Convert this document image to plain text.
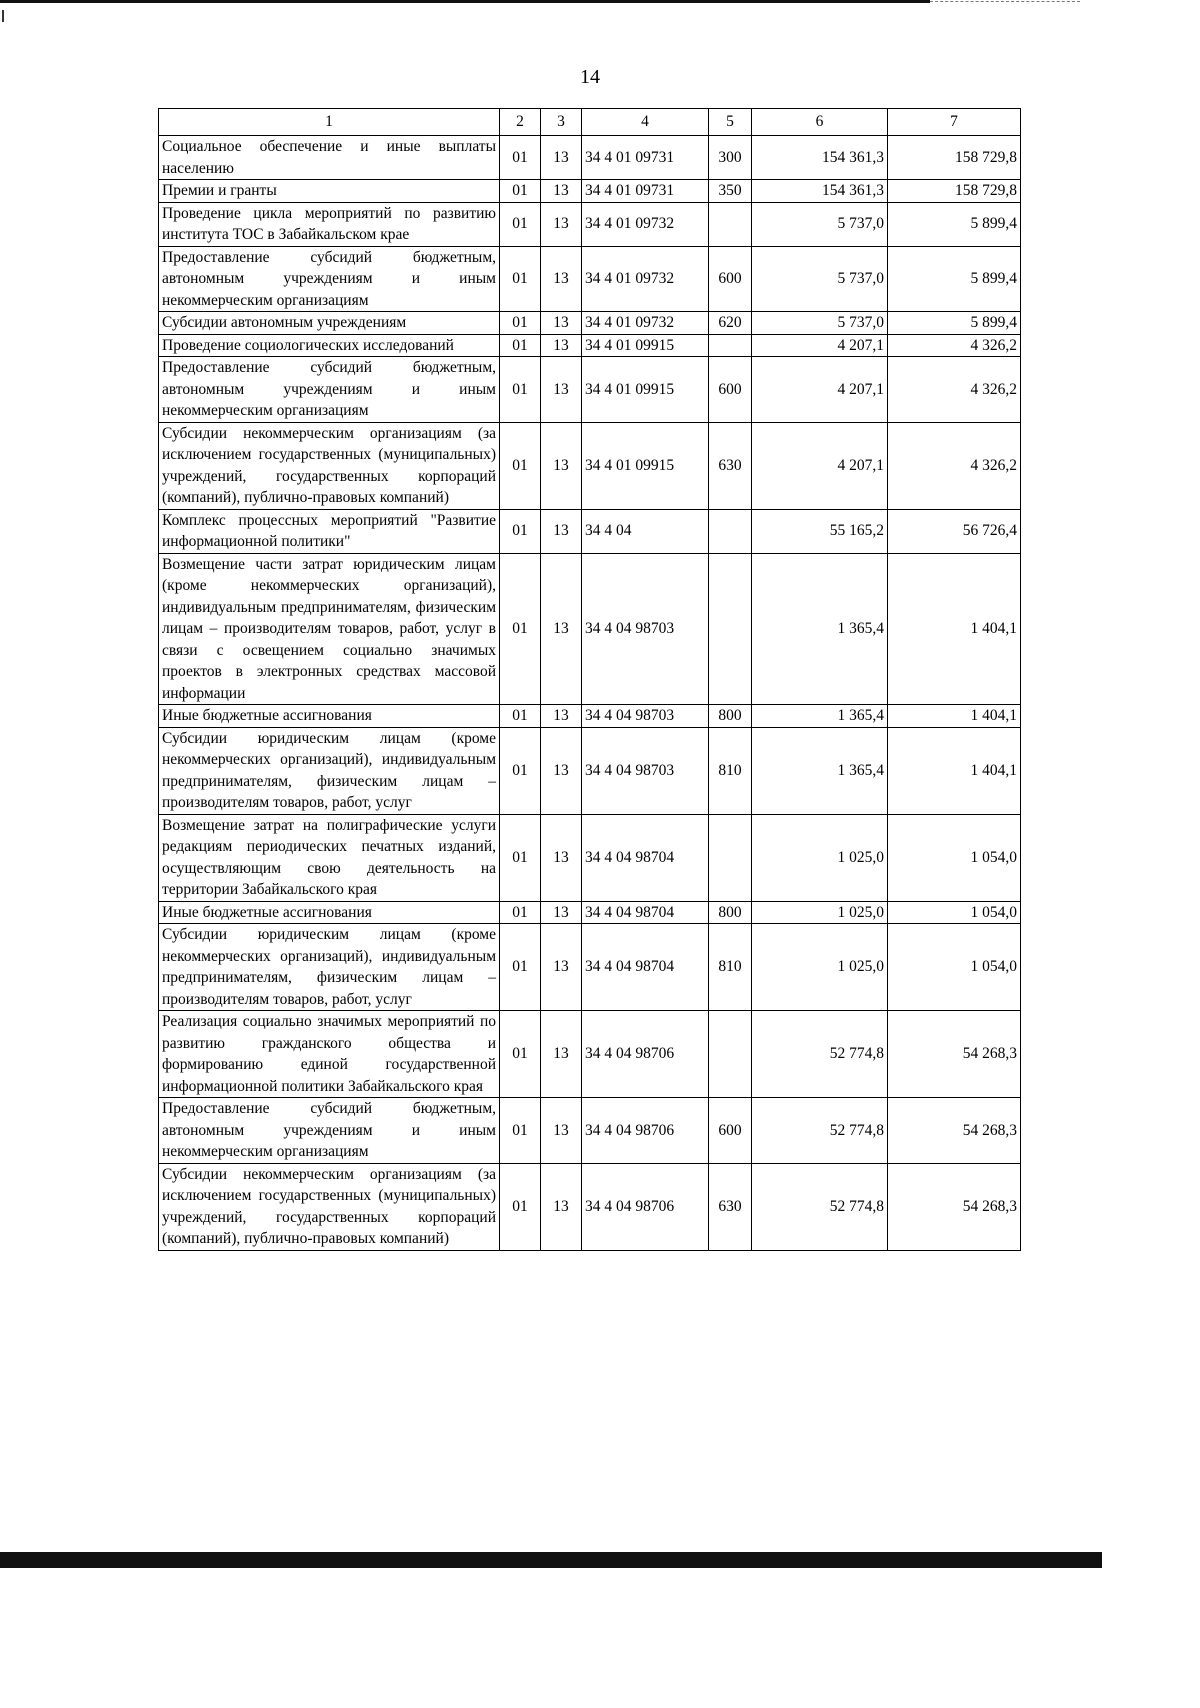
14
1	2	3	4	5	6	7
Социальное обеспечение и иные выплаты населению	01	13	34 4 01 09731	300	154 361,3	158 729,8
Премии и гранты	01	13	34 4 01 09731	350	154 361,3	158 729,8
Проведение цикла мероприятий по развитию института ТОС в Забайкальском крае	01	13	34 4 01 09732		5 737,0	5 899,4
Предоставление субсидий бюджетным, автономным учреждениям и иным некоммерческим организациям	01	13	34 4 01 09732	600	5 737,0	5 899,4
Субсидии автономным учреждениям	01	13	34 4 01 09732	620	5 737,0	5 899,4
Проведение социологических исследований	01	13	34 4 01 09915		4 207,1	4 326,2
Предоставление субсидий бюджетным, автономным учреждениям и иным некоммерческим организациям	01	13	34 4 01 09915	600	4 207,1	4 326,2
Субсидии некоммерческим организациям (за исключением государственных (муниципальных) учреждений, государственных корпораций (компаний), публично-правовых компаний)	01	13	34 4 01 09915	630	4 207,1	4 326,2
Комплекс процессных мероприятий "Развитие информационной политики"	01	13	34 4 04		55 165,2	56 726,4
Возмещение части затрат юридическим лицам (кроме некоммерческих организаций), индивидуальным предпринимателям, физическим лицам – производителям товаров, работ, услуг в связи с освещением социально значимых проектов в электронных средствах массовой информации	01	13	34 4 04 98703		1 365,4	1 404,1
Иные бюджетные ассигнования	01	13	34 4 04 98703	800	1 365,4	1 404,1
Субсидии юридическим лицам (кроме некоммерческих организаций), индивидуальным предпринимателям, физическим лицам – производителям товаров, работ, услуг	01	13	34 4 04 98703	810	1 365,4	1 404,1
Возмещение затрат на полиграфические услуги редакциям периодических печатных изданий, осуществляющим свою деятельность на территории Забайкальского края	01	13	34 4 04 98704		1 025,0	1 054,0
Иные бюджетные ассигнования	01	13	34 4 04 98704	800	1 025,0	1 054,0
Субсидии юридическим лицам (кроме некоммерческих организаций), индивидуальным предпринимателям, физическим лицам – производителям товаров, работ, услуг	01	13	34 4 04 98704	810	1 025,0	1 054,0
Реализация социально значимых мероприятий по развитию гражданского общества и формированию единой государственной информационной политики Забайкальского края	01	13	34 4 04 98706		52 774,8	54 268,3
Предоставление субсидий бюджетным, автономным учреждениям и иным некоммерческим организациям	01	13	34 4 04 98706	600	52 774,8	54 268,3
Субсидии некоммерческим организациям (за исключением государственных (муниципальных) учреждений, государственных корпораций (компаний), публично-правовых компаний)	01	13	34 4 04 98706	630	52 774,8	54 268,3
